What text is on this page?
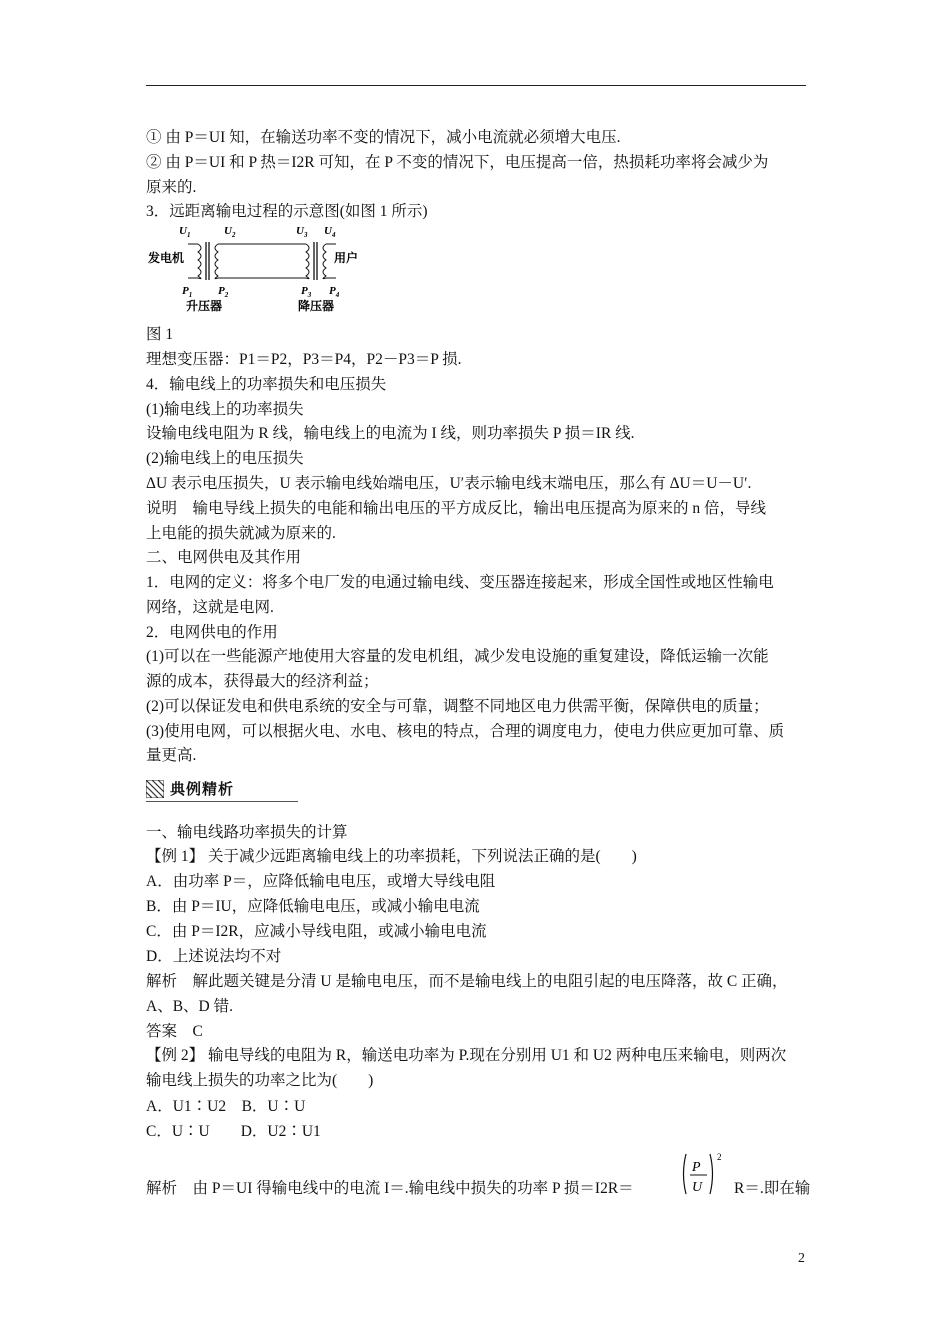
① 由 P＝UI 知，在输送功率不变的情况下，减小电流就必须增大电压.
② 由 P＝UI 和 P 热＝I2R 可知，在 P 不变的情况下，电压提高一倍，热损耗功率将会减少为
原来的.
3．远距离输电过程的示意图(如图 1 所示)
$U_1$	$U_2$	$U_3$ $U_4$
发电机	用户
$P_1$ $P_2$	$P_3$ $P_4$
升压器	降压器
图 1
理想变压器：P1＝P2，P3＝P4，P2－P3＝P 损.
4．输电线上的功率损失和电压损失
(1)输电线上的功率损失
设输电线电阻为 R 线，输电线上的电流为 I 线，则功率损失 P 损＝IR 线.
(2)输电线上的电压损失
ΔU 表示电压损失，U 表示输电线始端电压，U′表示输电线末端电压，那么有 ΔU＝U－U′.
说明　输电导线上损失的电能和输出电压的平方成反比，输出电压提高为原来的 n 倍，导线
上电能的损失就减为原来的.
二、电网供电及其作用
1．电网的定义：将多个电厂发的电通过输电线、变压器连接起来，形成全国性或地区性输电
网络，这就是电网.
2．电网供电的作用
(1)可以在一些能源产地使用大容量的发电机组，减少发电设施的重复建设，降低运输一次能
源的成本，获得最大的经济利益；
(2)可以保证发电和供电系统的安全与可靠，调整不同地区电力供需平衡，保障供电的质量；
(3)使用电网，可以根据火电、水电、核电的特点，合理的调度电力，使电力供应更加可靠、质
量更高.
典例精析
一、输电线路功率损失的计算
【例 1】 关于减少远距离输电线上的功率损耗，下列说法正确的是(　　)
A．由功率 P＝，应降低输电电压，或增大导线电阻
B．由 P＝IU，应降低输电电压，或减小输电电流
C．由 P＝I2R，应减小导线电阻，或减小输电电流
D．上述说法均不对
解析　解此题关键是分清 U 是输电电压，而不是输电线上的电阻引起的电压降落，故 C 正确，
A、B、D 错.
答案　C
【例 2】 输电导线的电阻为 R，输送电功率为 P.现在分别用 U1 和 U2 两种电压来输电，则两次
输电线上损失的功率之比为(　　)
A．U1∶U2　B．U∶U
C．U∶U　　D．U2∶U1
解析　由 P＝UI 得输电线中的电流 I＝.输电线中损失的功率 P 损＝I2R＝
P
U
2
R＝.即在输
2
